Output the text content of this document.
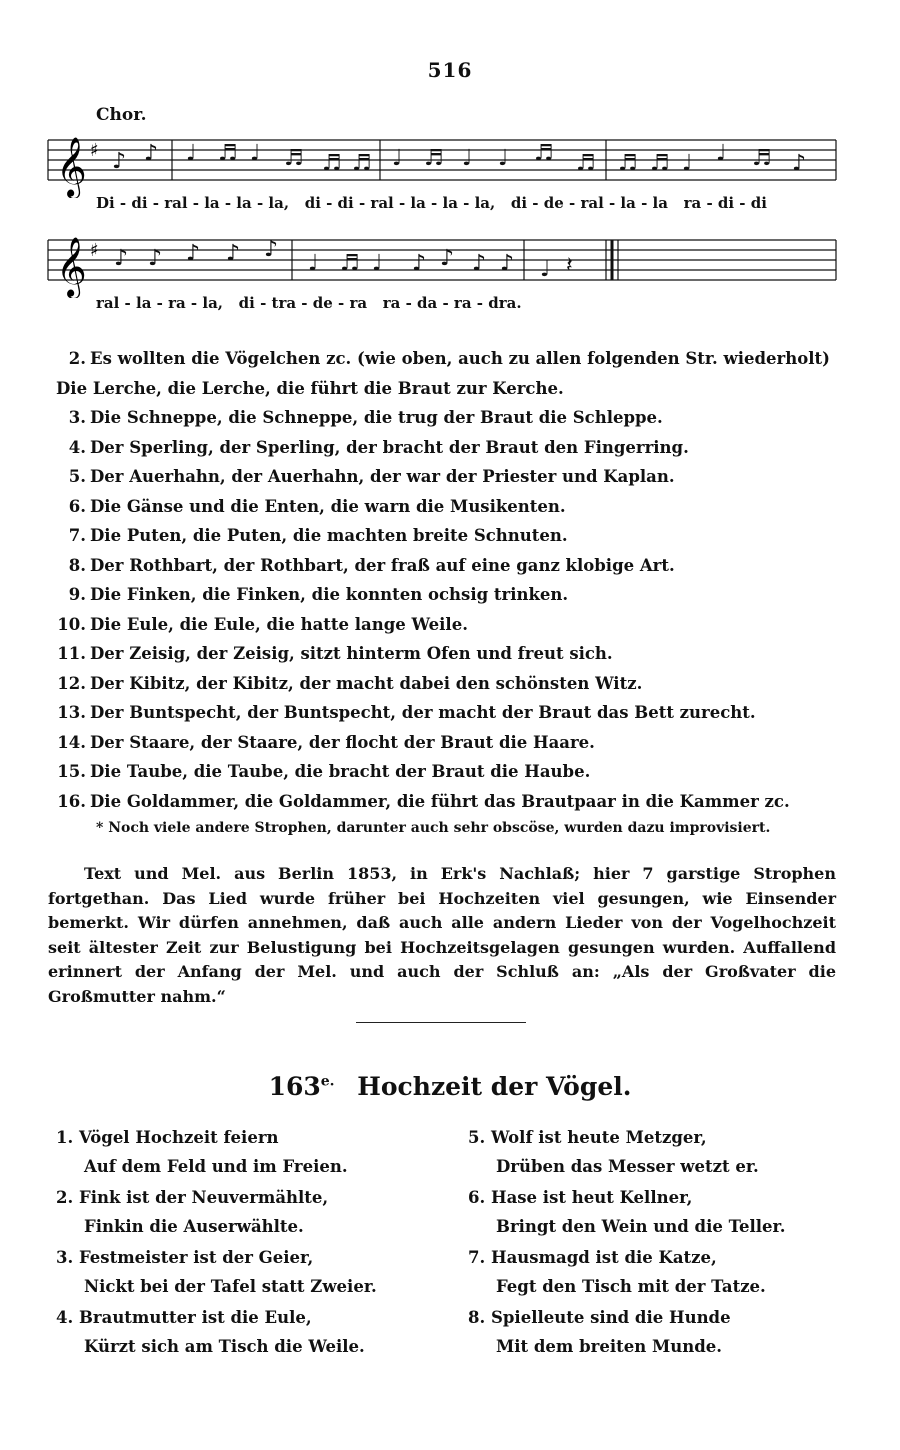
516
Chor.
𝄞 ♯ ♪ ♪ ♩ ♬ ♩ ♬ ♬ ♬ ♩ ♬ ♩ ♩ ♬ ♬ ♬ ♬ ♩ ♩ ♬ ♪
Di - di - ral - la - la - la,   di - di - ral - la - la - la,   di - de - ral - la - la   ra - di - di
𝄞 ♯ ♪ ♪ ♪ ♪ ♪
♩ ♬ ♩ ♪ ♪ ♪ ♪ ♩ 𝄽
ral - la - ra - la,   di - tra - de - ra   ra - da - ra - dra.
2. Es wollten die Vögelchen zc. (wie oben, auch zu allen folgenden Str. wiederholt)
Die Lerche, die Lerche, die führt die Braut zur Kerche.
3. Die Schneppe, die Schneppe, die trug der Braut die Schleppe.
4. Der Sperling, der Sperling, der bracht der Braut den Fingerring.
5. Der Auerhahn, der Auerhahn, der war der Priester und Kaplan.
6. Die Gänse und die Enten, die warn die Musikenten.
7. Die Puten, die Puten, die machten breite Schnuten.
8. Der Rothbart, der Rothbart, der fraß auf eine ganz klobige Art.
9. Die Finken, die Finken, die konnten ochsig trinken.
10. Die Eule, die Eule, die hatte lange Weile.
11. Der Zeisig, der Zeisig, sitzt hinterm Ofen und freut sich.
12. Der Kibitz, der Kibitz, der macht dabei den schönsten Witz.
13. Der Buntspecht, der Buntspecht, der macht der Braut das Bett zurecht.
14. Der Staare, der Staare, der flocht der Braut die Haare.
15. Die Taube, die Taube, die bracht der Braut die Haube.
16. Die Goldammer, die Goldammer, die führt das Brautpaar in die Kammer zc.
* Noch viele andere Strophen, darunter auch sehr obscöse, wurden dazu improvisiert.
Text und Mel. aus Berlin 1853, in Erk's Nachlaß; hier 7 garstige Strophen fortgethan. Das Lied wurde früher bei Hochzeiten viel gesungen, wie Einsender bemerkt. Wir dürfen annehmen, daß auch alle andern Lieder von der Vogelhochzeit seit ältester Zeit zur Belustigung bei Hochzeitsgelagen gesungen wurden. Auffallend erinnert der Anfang der Mel. und auch der Schluß an: „Als der Großvater die Großmutter nahm.“
$163^{e.}$ Hochzeit der Vögel.
1. Vögel Hochzeit feiern
Auf dem Feld und im Freien.
2. Fink ist der Neuvermählte,
Finkin die Auserwählte.
3. Festmeister ist der Geier,
Nickt bei der Tafel statt Zweier.
4. Brautmutter ist die Eule,
Kürzt sich am Tisch die Weile.
5. Wolf ist heute Metzger,
Drüben das Messer wetzt er.
6. Hase ist heut Kellner,
Bringt den Wein und die Teller.
7. Hausmagd ist die Katze,
Fegt den Tisch mit der Tatze.
8. Spielleute sind die Hunde
Mit dem breiten Munde.
